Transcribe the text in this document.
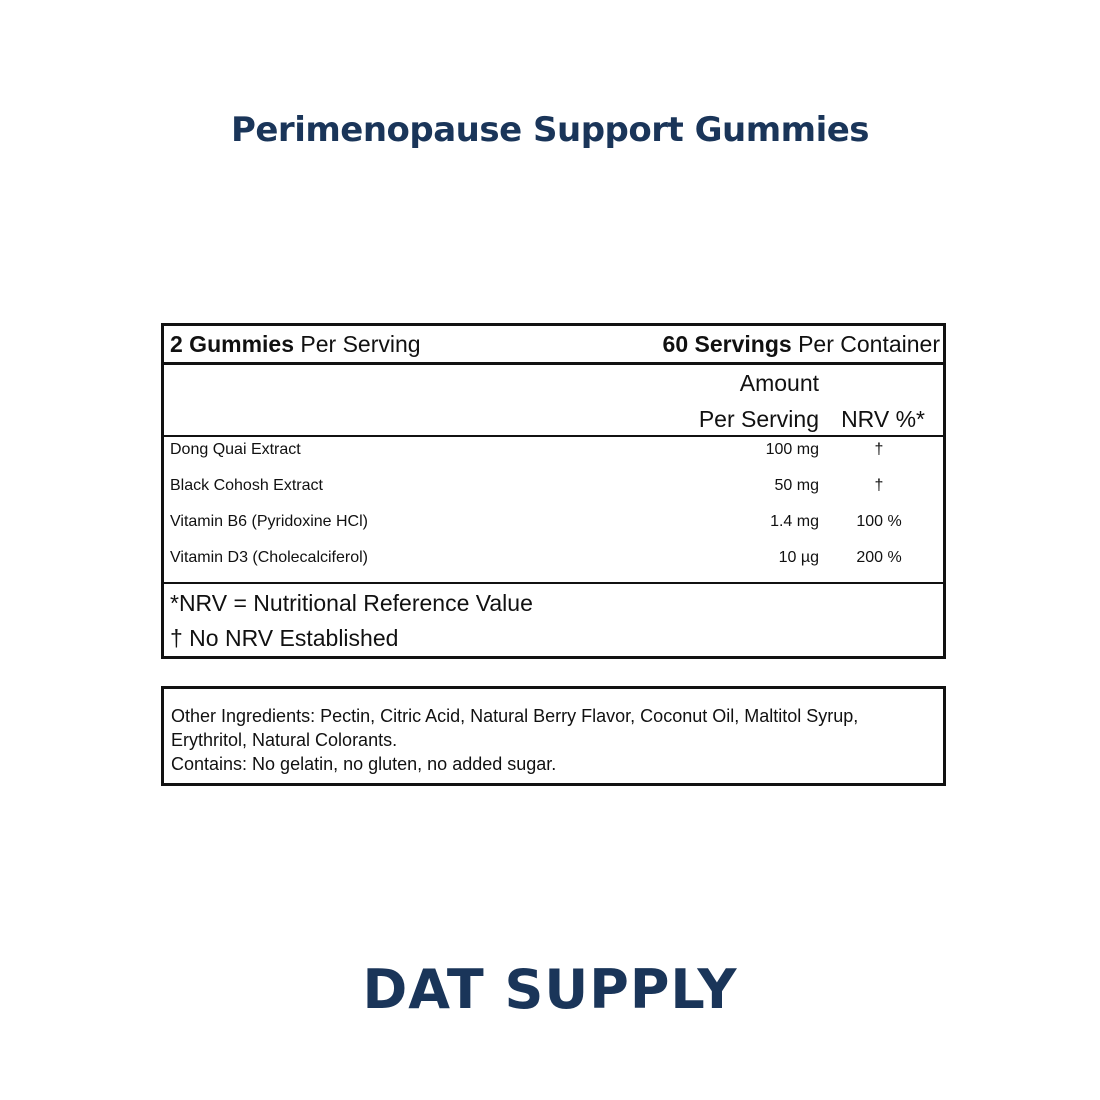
Perimenopause Support Gummies
2 Gummies Per Serving	60 Servings Per Container
Amount
Per Serving NRV %*
Dong Quai Extract	100 mg	†
Black Cohosh Extract	50 mg	†
Vitamin B6 (Pyridoxine HCl)	1.4 mg	100 %
Vitamin D3 (Cholecalciferol)	10 µg	200 %
*NRV = Nutritional Reference Value
† No NRV Established

Other Ingredients: Pectin, Citric Acid, Natural Berry Flavor, Coconut Oil, Maltitol Syrup, Erythritol, Natural Colorants.

Contains: No gelatin, no gluten, no added sugar.
DAT SUPPLY
